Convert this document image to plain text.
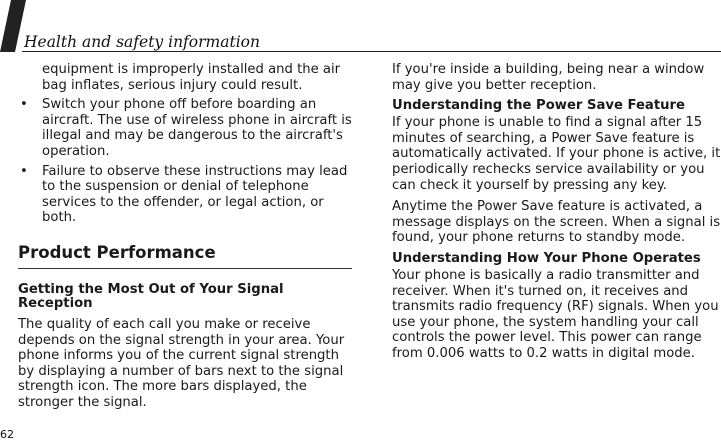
Health and safety information

equipment is improperly installed and the air bag inflates, serious injury could result.

• Switch your phone off before boarding an aircraft. The use of wireless phone in aircraft is illegal and may be dangerous to the aircraft's operation.
• Failure to observe these instructions may lead to the suspension or denial of telephone services to the offender, or legal action, or both.
Product Performance
Getting the Most Out of Your Signal Reception

The quality of each call you make or receive depends on the signal strength in your area. Your phone informs you of the current signal strength by displaying a number of bars next to the signal strength icon. The more bars displayed, the stronger the signal.

If you're inside a building, being near a window may give you better reception.

Understanding the Power Save Feature

If your phone is unable to find a signal after 15 minutes of searching, a Power Save feature is automatically activated. If your phone is active, it periodically rechecks service availability or you can check it yourself by pressing any key.

Anytime the Power Save feature is activated, a message displays on the screen. When a signal is found, your phone returns to standby mode.

Understanding How Your Phone Operates

Your phone is basically a radio transmitter and receiver. When it's turned on, it receives and transmits radio frequency (RF) signals. When you use your phone, the system handling your call controls the power level. This power can range from 0.006 watts to 0.2 watts in digital mode.

62
